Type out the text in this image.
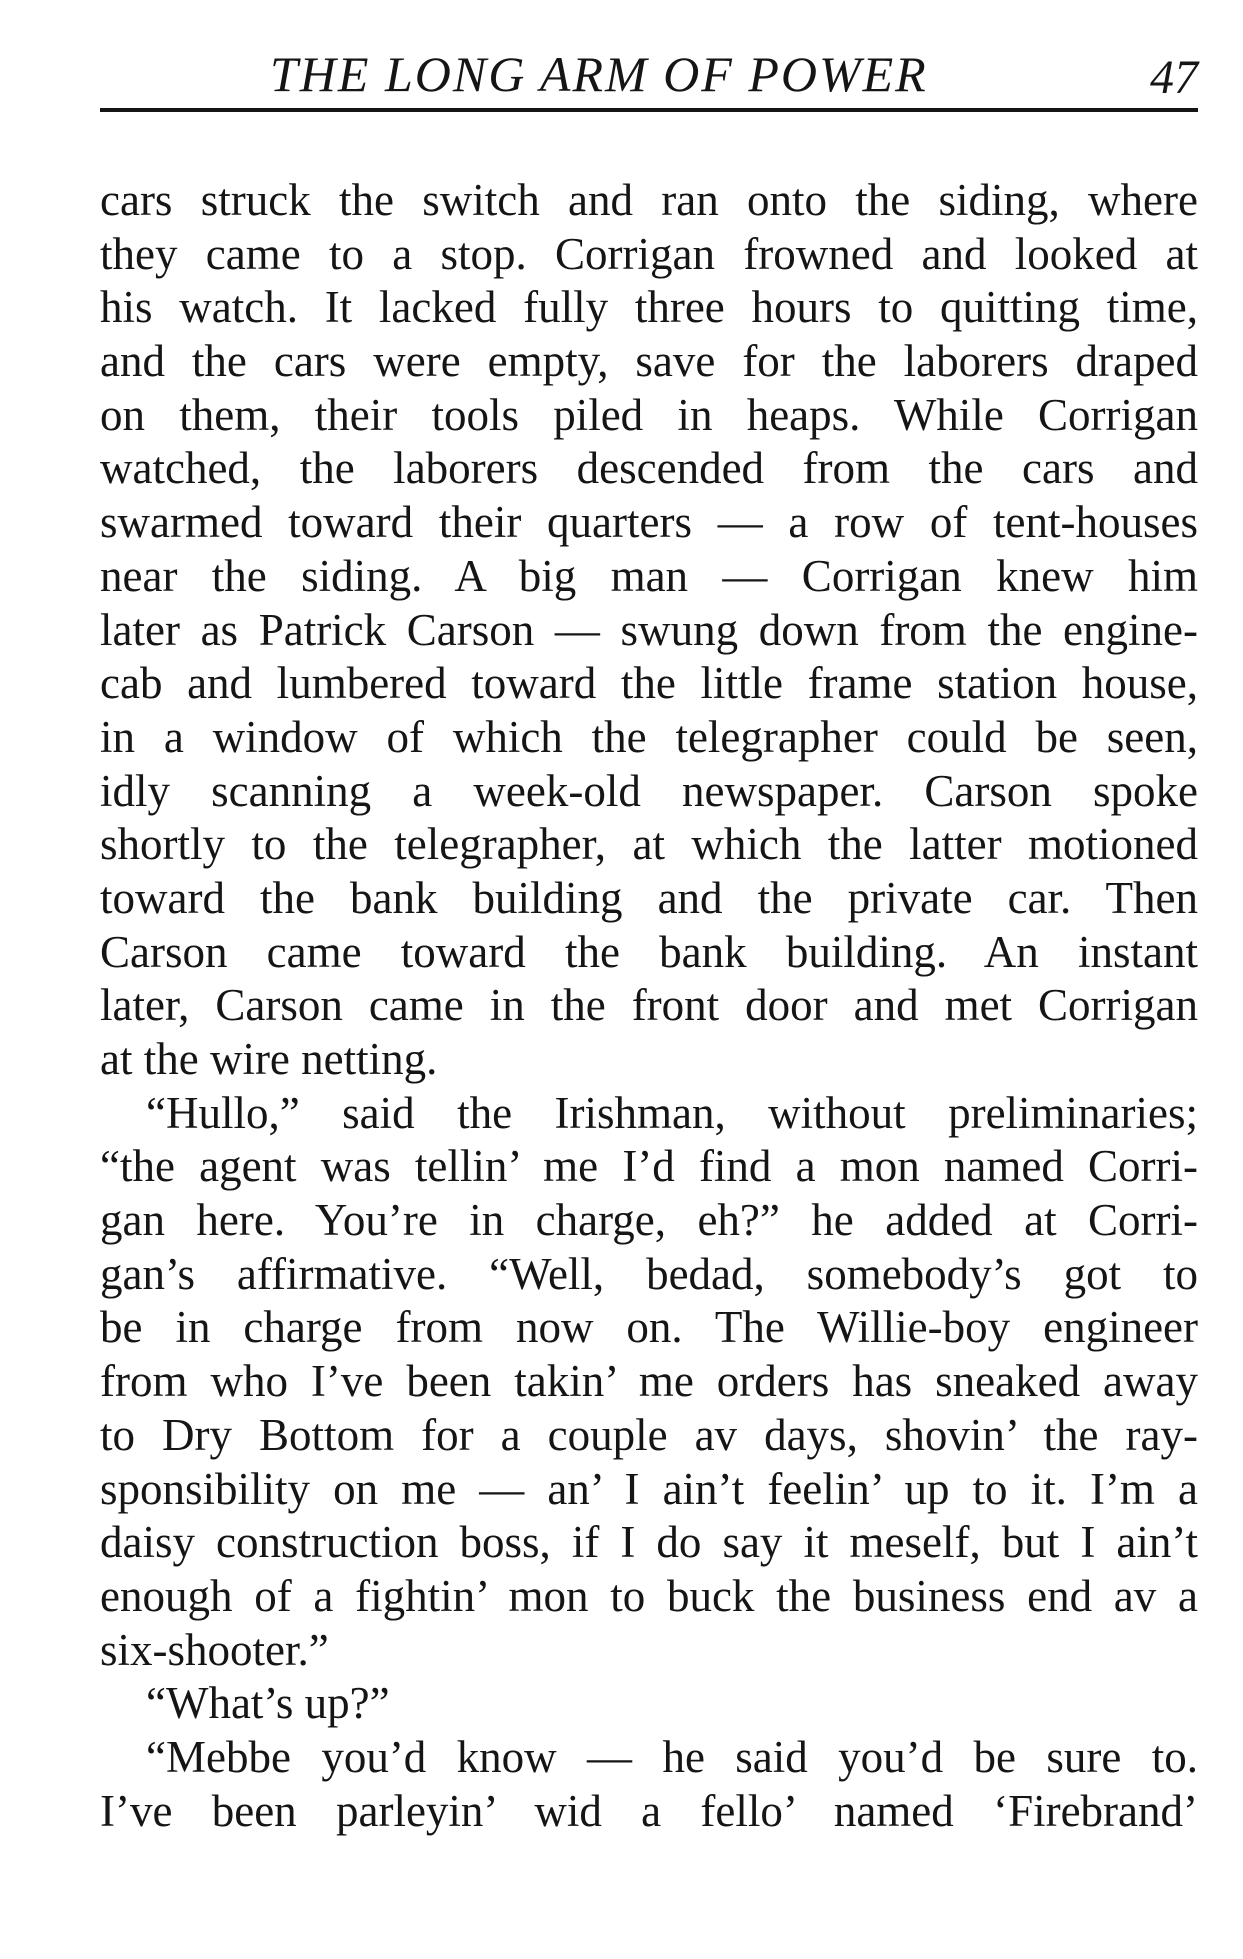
THE LONG ARM OF POWER	47
cars struck the switch and ran onto the siding, where
they came to a stop. Corrigan frowned and looked at
his watch. It lacked fully three hours to quitting time,
and the cars were empty, save for the laborers draped
on them, their tools piled in heaps. While Corrigan
watched, the laborers descended from the cars and
swarmed toward their quarters — a row of tent-houses
near the siding. A big man — Corrigan knew him
later as Patrick Carson — swung down from the engine-
cab and lumbered toward the little frame station house,
in a window of which the telegrapher could be seen,
idly scanning a week-old newspaper. Carson spoke
shortly to the telegrapher, at which the latter motioned
toward the bank building and the private car. Then
Carson came toward the bank building. An instant
later, Carson came in the front door and met Corrigan
at the wire netting.
“Hullo,” said the Irishman, without preliminaries;
“the agent was tellin’ me I’d find a mon named Corri-
gan here. You’re in charge, eh?” he added at Corri-
gan’s affirmative. “Well, bedad, somebody’s got to
be in charge from now on. The Willie-boy engineer
from who I’ve been takin’ me orders has sneaked away
to Dry Bottom for a couple av days, shovin’ the ray-
sponsibility on me — an’ I ain’t feelin’ up to it. I’m a
daisy construction boss, if I do say it meself, but I ain’t
enough of a fightin’ mon to buck the business end av a
six-shooter.”
“What’s up?”
“Mebbe you’d know — he said you’d be sure to.
I’ve been parleyin’ wid a fello’ named ‘Firebrand’
